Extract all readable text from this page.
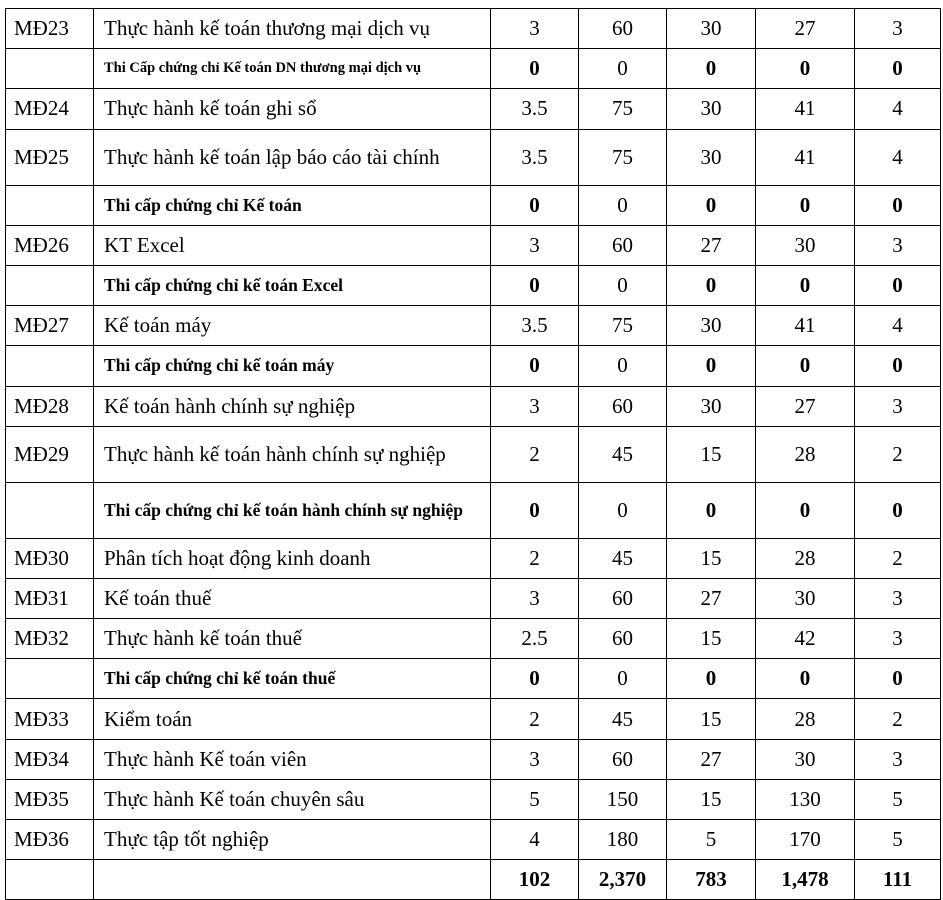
MĐ23	Thực hành kế toán thương mại dịch vụ	3	60	30	27	3
	Thi Cấp chứng chỉ Kế toán DN thương mại dịch vụ	0	0	0	0	0
MĐ24	Thực hành kế toán ghi sổ	3.5	75	30	41	4
MĐ25	Thực hành kế toán lập báo cáo tài chính	3.5	75	30	41	4
	Thi cấp chứng chỉ Kế toán	0	0	0	0	0
MĐ26	KT Excel	3	60	27	30	3
	Thi cấp chứng chỉ kế toán Excel	0	0	0	0	0
MĐ27	Kế toán máy	3.5	75	30	41	4
	Thi cấp chứng chỉ kế toán máy	0	0	0	0	0
MĐ28	Kế toán hành chính sự nghiệp	3	60	30	27	3
MĐ29	Thực hành kế toán hành chính sự nghiệp	2	45	15	28	2
	Thi cấp chứng chỉ kế toán hành chính sự nghiệp	0	0	0	0	0
MĐ30	Phân tích hoạt động kinh doanh	2	45	15	28	2
MĐ31	Kế toán thuế	3	60	27	30	3
MĐ32	Thực hành kế toán thuế	2.5	60	15	42	3
	Thi cấp chứng chỉ kế toán thuế	0	0	0	0	0
MĐ33	Kiểm toán	2	45	15	28	2
MĐ34	Thực hành Kế toán viên	3	60	27	30	3
MĐ35	Thực hành Kế toán chuyên sâu	5	150	15	130	5
MĐ36	Thực tập tốt nghiệp	4	180	5	170	5
		102	2,370	783	1,478	111
